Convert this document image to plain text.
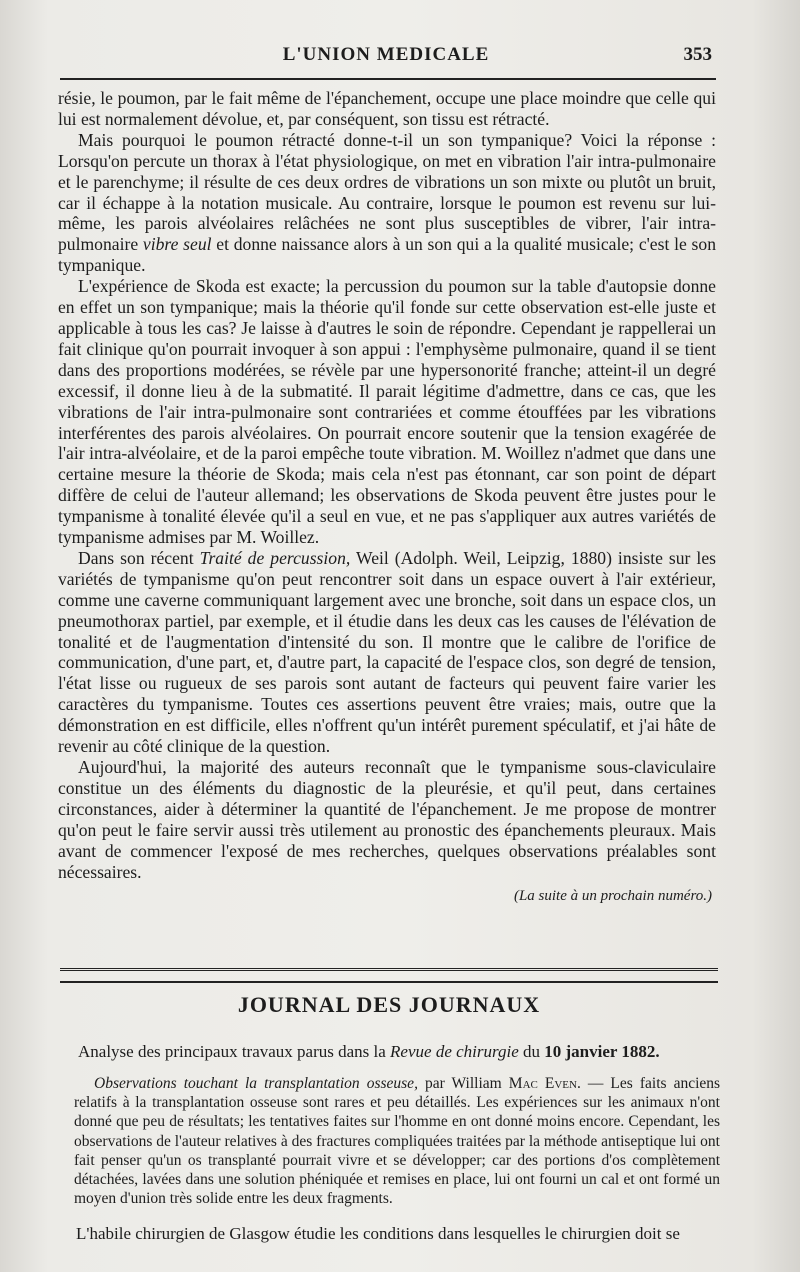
L'UNION MEDICALE	353

résie, le poumon, par le fait même de l'épanchement, occupe une place moindre que celle qui lui est normalement dévolue, et, par conséquent, son tissu est rétracté.

Mais pourquoi le poumon rétracté donne-t-il un son tympanique? Voici la réponse : Lorsqu'on percute un thorax à l'état physiologique, on met en vibration l'air intra-pulmonaire et le parenchyme; il résulte de ces deux ordres de vibrations un son mixte ou plutôt un bruit, car il échappe à la notation musicale. Au contraire, lorsque le poumon est revenu sur lui-même, les parois alvéolaires relâchées ne sont plus susceptibles de vibrer, l'air intra-pulmonaire vibre seul et donne naissance alors à un son qui a la qualité musicale; c'est le son tympanique.

L'expérience de Skoda est exacte; la percussion du poumon sur la table d'autopsie donne en effet un son tympanique; mais la théorie qu'il fonde sur cette observation est-elle juste et applicable à tous les cas? Je laisse à d'autres le soin de répondre. Cependant je rappellerai un fait clinique qu'on pourrait invoquer à son appui : l'emphysème pulmonaire, quand il se tient dans des proportions modérées, se révèle par une hypersonorité franche; atteint-il un degré excessif, il donne lieu à de la submatité. Il parait légitime d'admettre, dans ce cas, que les vibrations de l'air intra-pulmonaire sont contrariées et comme étouffées par les vibrations interférentes des parois alvéolaires. On pourrait encore soutenir que la tension exagérée de l'air intra-alvéolaire, et de la paroi empêche toute vibration. M. Woillez n'admet que dans une certaine mesure la théorie de Skoda; mais cela n'est pas étonnant, car son point de départ diffère de celui de l'auteur allemand; les observations de Skoda peuvent être justes pour le tympanisme à tonalité élevée qu'il a seul en vue, et ne pas s'appliquer aux autres variétés de tympanisme admises par M. Woillez.

Dans son récent Traité de percussion, Weil (Adolph. Weil, Leipzig, 1880) insiste sur les variétés de tympanisme qu'on peut rencontrer soit dans un espace ouvert à l'air extérieur, comme une caverne communiquant largement avec une bronche, soit dans un espace clos, un pneumothorax partiel, par exemple, et il étudie dans les deux cas les causes de l'élévation de tonalité et de l'augmentation d'intensité du son. Il montre que le calibre de l'orifice de communication, d'une part, et, d'autre part, la capacité de l'espace clos, son degré de tension, l'état lisse ou rugueux de ses parois sont autant de facteurs qui peuvent faire varier les caractères du tympanisme. Toutes ces assertions peuvent être vraies; mais, outre que la démonstration en est difficile, elles n'offrent qu'un intérêt purement spéculatif, et j'ai hâte de revenir au côté clinique de la question.

Aujourd'hui, la majorité des auteurs reconnaît que le tympanisme sous-claviculaire constitue un des éléments du diagnostic de la pleurésie, et qu'il peut, dans certaines circonstances, aider à déterminer la quantité de l'épanchement. Je me propose de montrer qu'on peut le faire servir aussi très utilement au pronostic des épanchements pleuraux. Mais avant de commencer l'exposé de mes recherches, quelques observations préalables sont nécessaires.

(La suite à un prochain numéro.)

JOURNAL DES JOURNAUX
Analyse des principaux travaux parus dans la Revue de chirurgie du 10 janvier 1882.

Observations touchant la transplantation osseuse, par William Mac Even. — Les faits anciens relatifs à la transplantation osseuse sont rares et peu détaillés. Les expériences sur les animaux n'ont donné que peu de résultats; les tentatives faites sur l'homme en ont donné moins encore. Cependant, les observations de l'auteur relatives à des fractures compliquées traitées par la méthode antiseptique lui ont fait penser qu'un os transplanté pourrait vivre et se développer; car des portions d'os complètement détachées, lavées dans une solution phéniquée et remises en place, lui ont fourni un cal et ont formé un moyen d'union très solide entre les deux fragments.

L'habile chirurgien de Glasgow étudie les conditions dans lesquelles le chirurgien doit se
